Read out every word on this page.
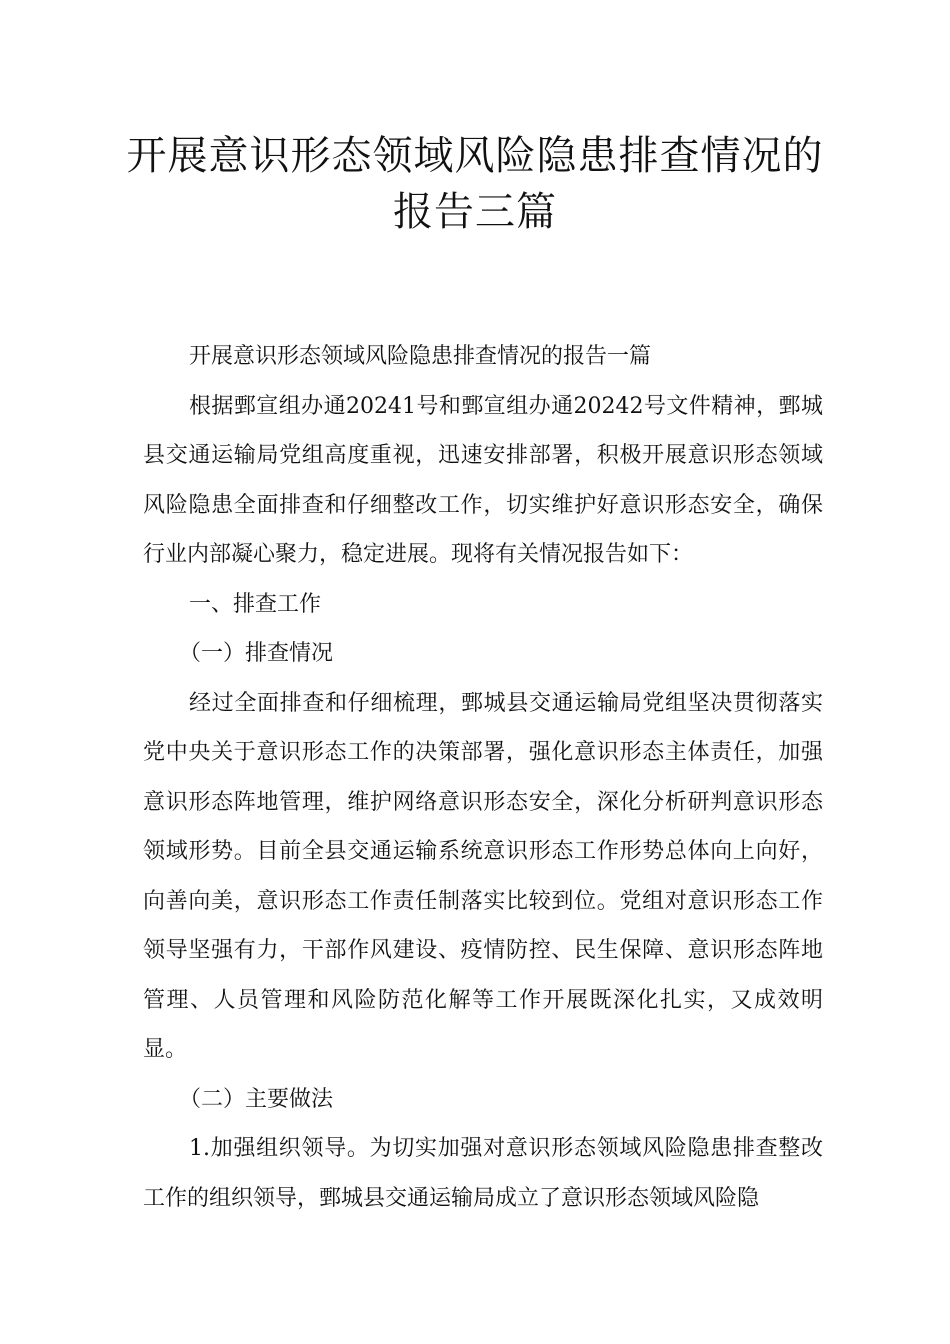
开展意识形态领域风险隐患排查情况的
报告三篇

开展意识形态领域风险隐患排查情况的报告一篇

根据鄄宣组办通20241号和鄄宣组办通20242号文件精神，鄄城县交通运输局党组高度重视，迅速安排部署，积极开展意识形态领域风险隐患全面排查和仔细整改工作，切实维护好意识形态安全，确保行业内部凝心聚力，稳定进展。现将有关情况报告如下：

一、排查工作

（一）排查情况

经过全面排查和仔细梳理，鄄城县交通运输局党组坚决贯彻落实党中央关于意识形态工作的决策部署，强化意识形态主体责任，加强意识形态阵地管理，维护网络意识形态安全，深化分析研判意识形态领域形势。目前全县交通运输系统意识形态工作形势总体向上向好，向善向美，意识形态工作责任制落实比较到位。党组对意识形态工作领导坚强有力，干部作风建设、疫情防控、民生保障、意识形态阵地管理、人员管理和风险防范化解等工作开展既深化扎实，又成效明显。

（二）主要做法

1.加强组织领导。为切实加强对意识形态领域风险隐患排查整改工作的组织领导，鄄城县交通运输局成立了意识形态领域风险隐
